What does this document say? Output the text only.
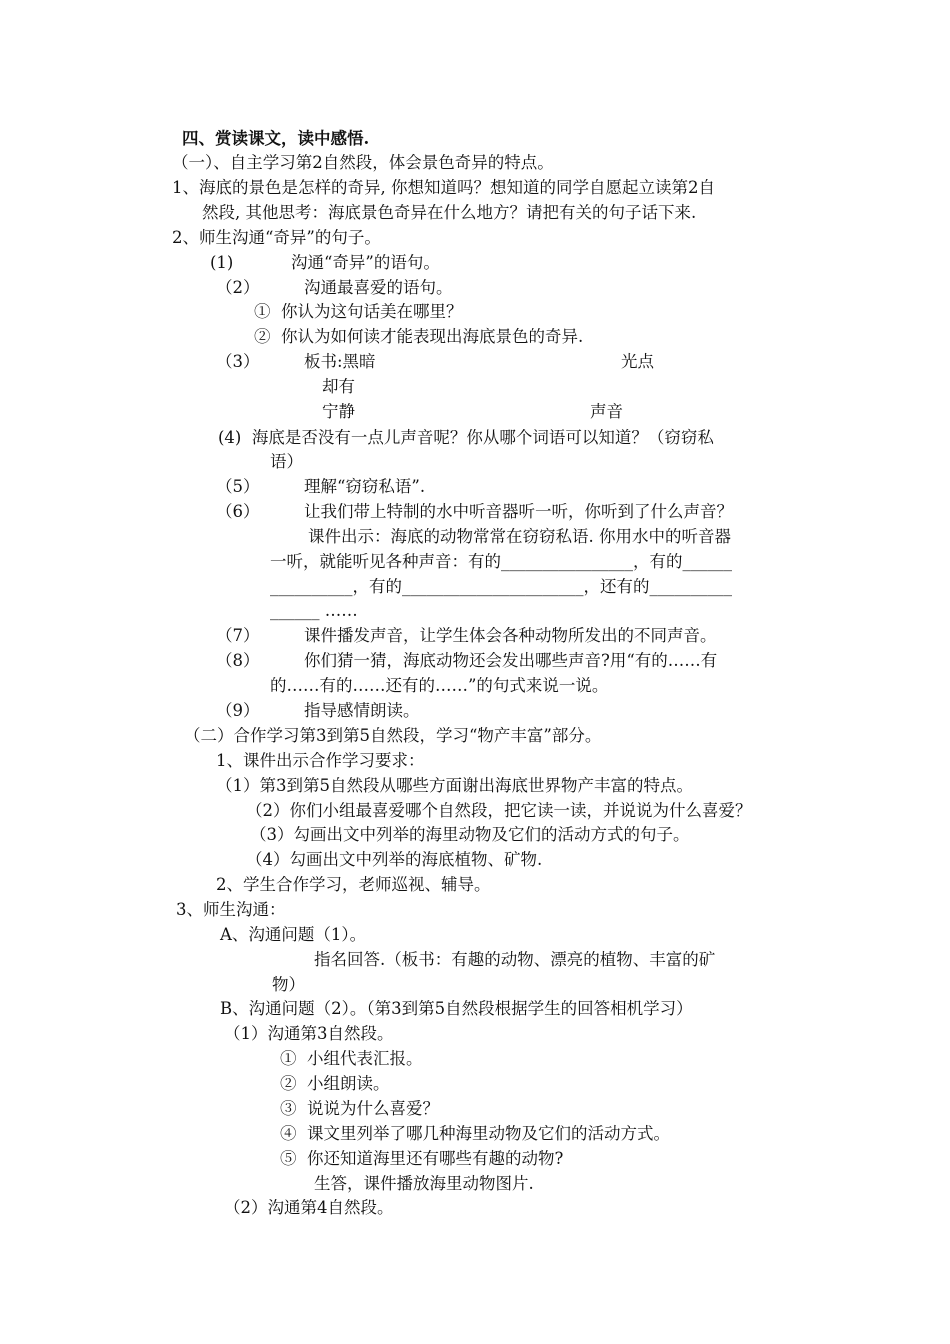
四、赏读课文，读中感悟.
（一）、自主学习第2自然段，体会景色奇异的特点。
1、海底的景色是怎样的奇异, 你想知道吗？想知道的同学自愿起立读第2自
然段, 其他思考：海底景色奇异在什么地方？请把有关的句子话下来.
2、师生沟通“奇异”的句子。
(1)	沟通“奇异”的语句。
（2）	沟通最喜爱的语句。
①  你认为这句话美在哪里？
②  你认为如何读才能表现出海底景色的奇异.
（3）	板书:黑暗	光点
却有
宁静	声音
(4)  海底是否没有一点儿声音呢？你从哪个词语可以知道？（窃窃私
语）
（5）	理解“窃窃私语”.
（6）	让我们带上特制的水中听音器听一听，你听到了什么声音？
课件出示：海底的动物常常在窃窃私语. 你用水中的听音器
一听，就能听见各种声音：有的________________，有的______
__________，有的______________________，还有的__________
______ ……
（7）	课件播发声音，让学生体会各种动物所发出的不同声音。
（8）	你们猜一猜，海底动物还会发出哪些声音?用“有的……有
的……有的……还有的……”的句式来说一说。
（9）	指导感情朗读。
（二）合作学习第3到第5自然段，学习“物产丰富”部分。
1、课件出示合作学习要求：
（1）第3到第5自然段从哪些方面谢出海底世界物产丰富的特点。
（2）你们小组最喜爱哪个自然段，把它读一读，并说说为什么喜爱？
（3）勾画出文中列举的海里动物及它们的活动方式的句子。
（4）勾画出文中列举的海底植物、矿物.
2、学生合作学习，老师巡视、辅导。
3、师生沟通：
A、沟通问题（1）。
指名回答.（板书：有趣的动物、漂亮的植物、丰富的矿
物）
B、沟通问题（2）。（第3到第5自然段根据学生的回答相机学习）
（1）沟通第3自然段。
①  小组代表汇报。
②  小组朗读。
③  说说为什么喜爱？
④  课文里列举了哪几种海里动物及它们的活动方式。
⑤  你还知道海里还有哪些有趣的动物?
生答，课件播放海里动物图片.
（2）沟通第4自然段。
